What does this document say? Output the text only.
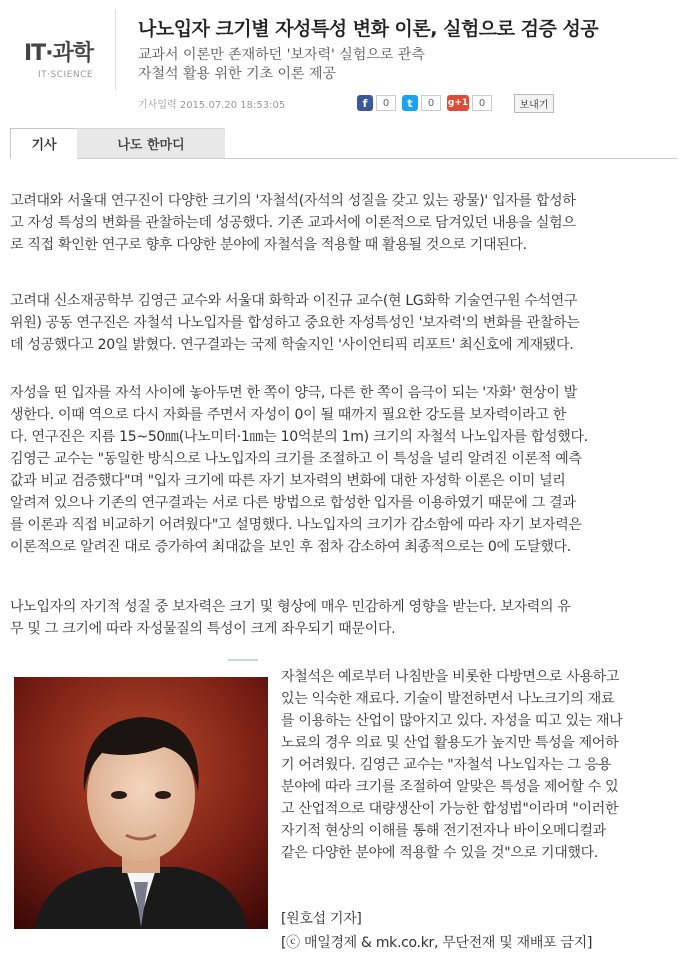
IT·과학
IT·SCIENCE
나노입자 크기별 자성특성 변화 이론, 실험으로 검증 성공
교과서 이론만 존재하던 '보자력' 실험으로 관측
자철석 활용 위한 기초 이론 제공
기사입력 2015.07.20 18:53:05	f	0	t	0	g+1	0	보내기
기사	나도 한마디
고려대와 서울대 연구진이 다양한 크기의 '자철석(자석의 성질을 갖고 있는 광물)' 입자를 합성하
고 자성 특성의 변화를 관찰하는데 성공했다. 기존 교과서에 이론적으로 담겨있던 내용을 실험으
로 직접 확인한 연구로 향후 다양한 분야에 자철석을 적용할 때 활용될 것으로 기대된다.
고려대 신소재공학부 김영근 교수와 서울대 화학과 이진규 교수(현 LG화학 기술연구원 수석연구
위원) 공동 연구진은 자철석 나노입자를 합성하고 중요한 자성특성인 '보자력'의 변화를 관찰하는
데 성공했다고 20일 밝혔다. 연구결과는 국제 학술지인 '사이언티픽 리포트' 최신호에 게재됐다.
자성을 띤 입자를 자석 사이에 놓아두면 한 쪽이 양극, 다른 한 쪽이 음극이 되는 '자화' 현상이 발
생한다. 이때 역으로 다시 자화를 주면서 자성이 0이 될 때까지 필요한 강도를 보자력이라고 한
다. 연구진은 지름 15~50㎚(나노미터·1㎚는 10억분의 1m) 크기의 자철석 나노입자를 합성했다.
김영근 교수는 "동일한 방식으로 나노입자의 크기를 조절하고 이 특성을 널리 알려진 이론적 예측
값과 비교 검증했다"며 "입자 크기에 따른 자기 보자력의 변화에 대한 자성학 이론은 이미 널리
알려져 있으나 기존의 연구결과는 서로 다른 방법으로 합성한 입자를 이용하였기 때문에 그 결과
를 이론과 직접 비교하기 어려웠다"고 설명했다. 나노입자의 크기가 감소함에 따라 자기 보자력은
이론적으로 알려진 대로 증가하여 최대값을 보인 후 점차 감소하여 최종적으로는 0에 도달했다.
나노입자의 자기적 성질 중 보자력은 크기 및 형상에 매우 민감하게 영향을 받는다. 보자력의 유
무 및 그 크기에 따라 자성물질의 특성이 크게 좌우되기 때문이다.
자철석은 예로부터 나침반을 비롯한 다방면으로 사용하고
있는 익숙한 재료다. 기술이 발전하면서 나노크기의 재료
를 이용하는 산업이 많아지고 있다. 자성을 띠고 있는 재나
노료의 경우 의료 및 산업 활용도가 높지만 특성을 제어하
기 어려웠다. 김영근 교수는 "자철석 나노입자는 그 응용
분야에 따라 크기를 조절하여 알맞은 특성을 제어할 수 있
고 산업적으로 대량생산이 가능한 합성법"이라며 "이러한
자기적 현상의 이해를 통해 전기전자나 바이오메디컬과
같은 다양한 분야에 적용할 수 있을 것"으로 기대했다.
[원호섭 기자]
[ⓒ 매일경제 & mk.co.kr, 무단전재 및 재배포 금지]
